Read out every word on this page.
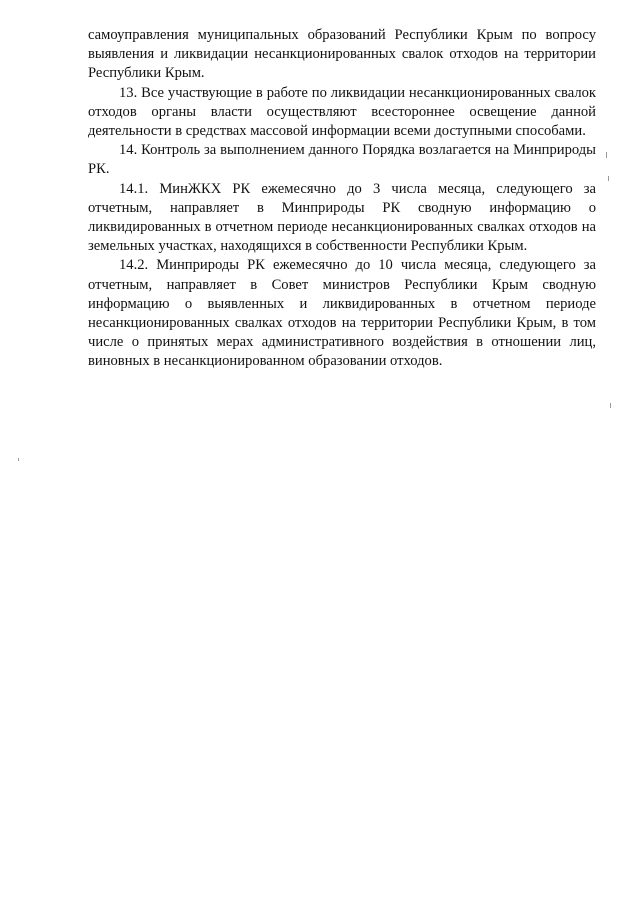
самоуправления муниципальных образований Республики Крым по вопросу выявления и ликвидации несанкционированных свалок отходов на территории Республики Крым.

13. Все участвующие в работе по ликвидации несанкционированных свалок отходов органы власти осуществляют всестороннее освещение данной деятельности в средствах массовой информации всеми доступными способами.

14. Контроль за выполнением данного Порядка возлагается на Минприроды РК.

14.1. МинЖКХ РК ежемесячно до 3 числа месяца, следующего за отчетным, направляет в Минприроды РК сводную информацию о ликвидированных в отчетном периоде несанкционированных свалках отходов на земельных участках, находящихся в собственности Республики Крым.

14.2. Минприроды РК ежемесячно до 10 числа месяца, следующего за отчетным, направляет в Совет министров Республики Крым сводную информацию о выявленных и ликвидированных в отчетном периоде несанкционированных свалках отходов на территории Республики Крым, в том числе о принятых мерах административного воздействия в отношении лиц, виновных в несанкционированном образовании отходов.
